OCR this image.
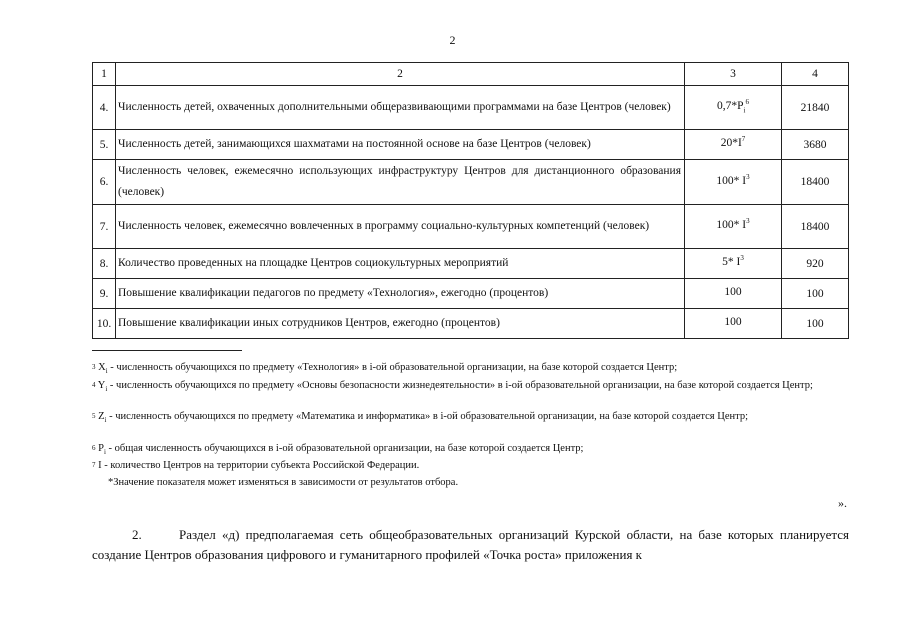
2
1	2	3	4
4.	Численность детей, охваченных дополнительными общеразвивающими программами на базе Центров (человек)	$0,7*P_i^6$	21840
5.	Численность детей, занимающихся шахматами на постоянной основе на базе Центров (человек)	$20*I^7$	3680
6.	Численность человек, ежемесячно использующих инфраструктуру Центров для дистанционного образования (человек)	100* $I^3$	18400
7.	Численность человек, ежемесячно вовлеченных в программу социально-культурных компетенций (человек)	100* $I^3$	18400
8.	Количество проведенных на площадке Центров социокультурных мероприятий	5* $I^3$	920
9.	Повышение квалификации педагогов по предмету «Технология», ежегодно (процентов)	100	100
10.	Повышение квалификации иных сотрудников Центров, ежегодно (процентов)	100	100
$^3$ $X_i$ - численность обучающихся по предмету «Технология» в i-ой образовательной организации, на базе которой создается Центр;
$^4$ $Y_i$ - численность обучающихся по предмету «Основы безопасности жизнедеятельности» в i-ой образовательной организации, на базе которой создается Центр;
$^5$ $Z_i$ - численность обучающихся по предмету «Математика и информатика» в i-ой образовательной организации, на базе которой создается Центр;
$^6$ $P_i$ - общая численность обучающихся в i-ой образовательной организации, на базе которой создается Центр;
$^7$ I - количество Центров на территории субъекта Российской Федерации.
*Значение показателя может изменяться в зависимости от результатов отбора.
».
2.	Раздел «д) предполагаемая сеть общеобразовательных организаций Курской области, на базе которых планируется создание Центров образования цифрового и гуманитарного профилей «Точка роста» приложения к
